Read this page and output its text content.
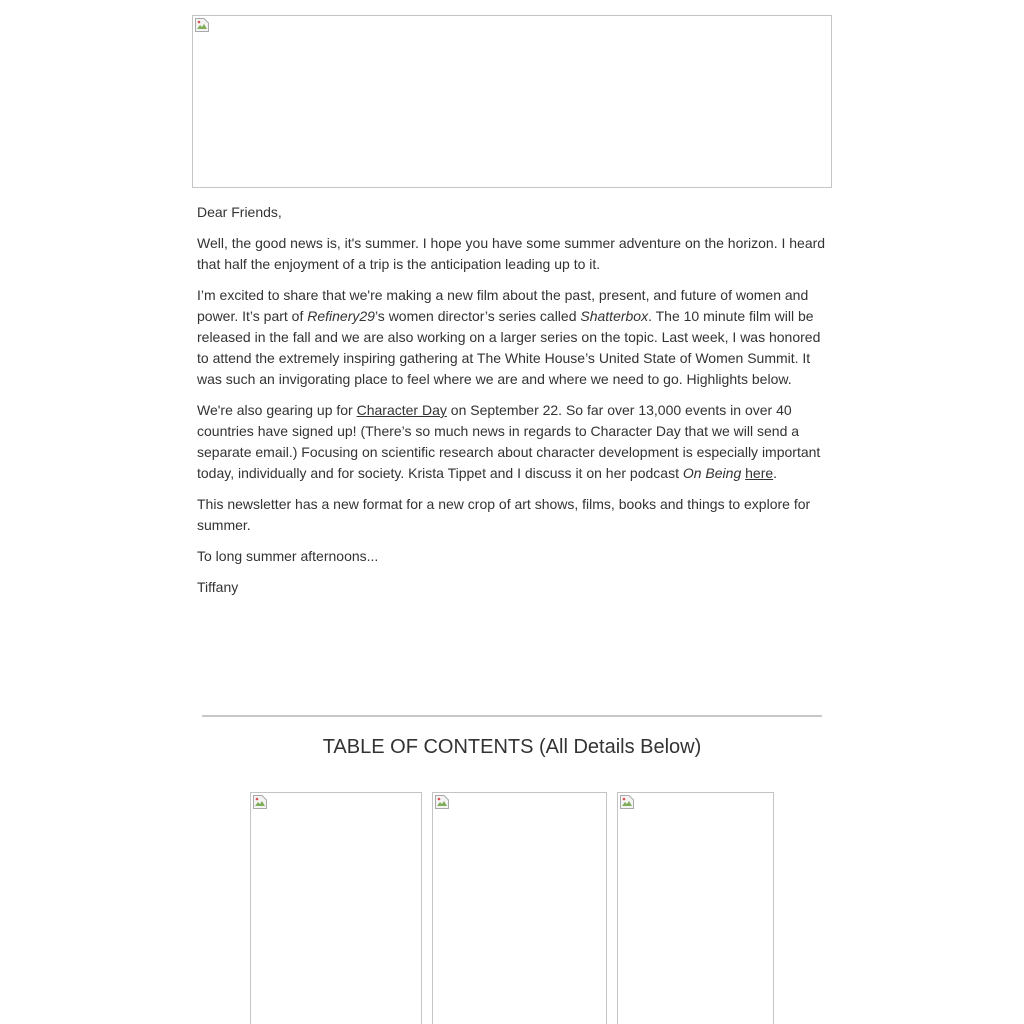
Dear Friends,

Well, the good news is, it's summer. I hope you have some summer adventure on the horizon. I heard that half the enjoyment of a trip is the anticipation leading up to it.

I’m excited to share that we're making a new film about the past, present, and future of women and power. It’s part of Refinery29’s women director’s series called Shatterbox. The 10 minute film will be released in the fall and we are also working on a larger series on the topic. Last week, I was honored to attend the extremely inspiring gathering at The White House’s United State of Women Summit. It was such an invigorating place to feel where we are and where we need to go. Highlights below.

We're also gearing up for Character Day on September 22. So far over 13,000 events in over 40 countries have signed up! (There’s so much news in regards to Character Day that we will send a separate email.) Focusing on scientific research about character development is especially important today, individually and for society. Krista Tippet and I discuss it on her podcast On Being here.

This newsletter has a new format for a new crop of art shows, films, books and things to explore for summer.

To long summer afternoons...

Tiffany

TABLE OF CONTENTS (All Details Below)
